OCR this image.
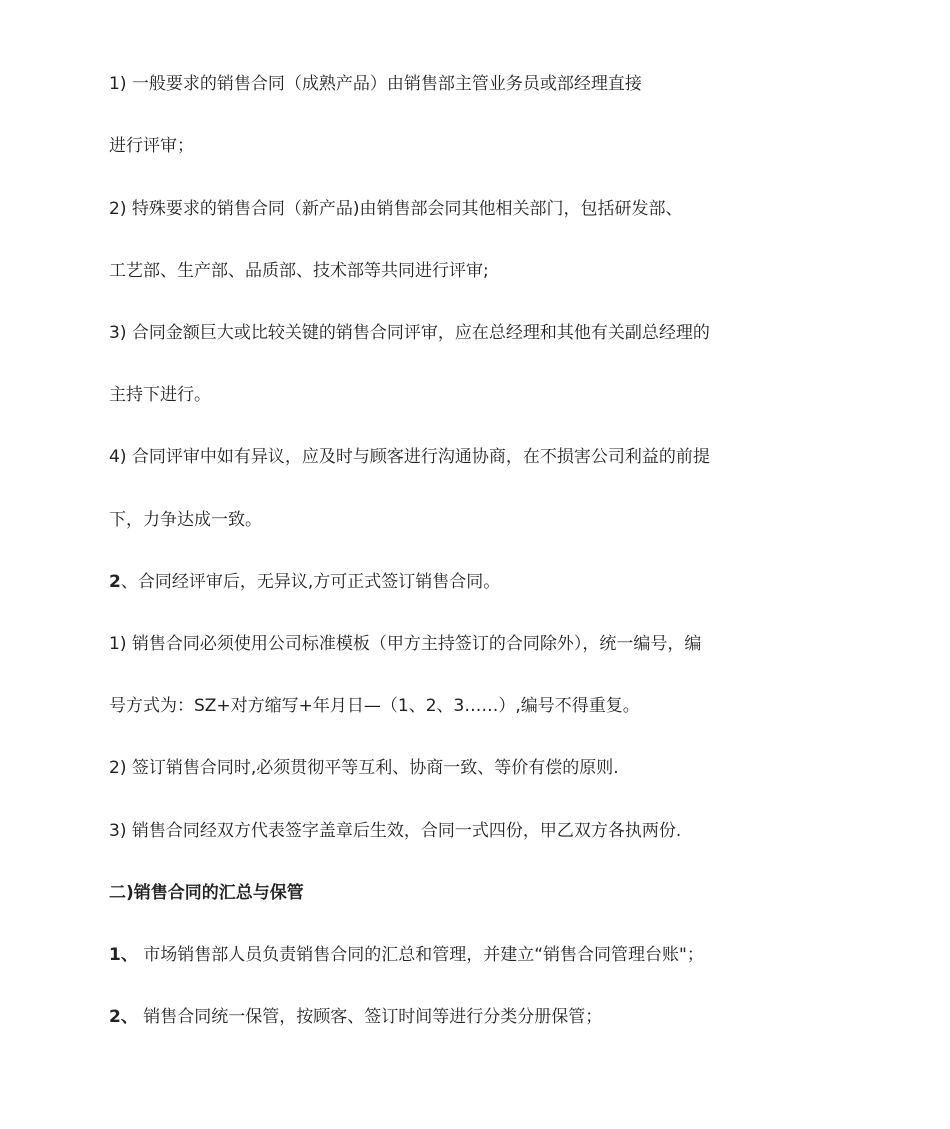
1) 一般要求的销售合同（成熟产品）由销售部主管业务员或部经理直接
进行评审；
2) 特殊要求的销售合同（新产品)由销售部会同其他相关部门，包括研发部、
工艺部、生产部、品质部、技术部等共同进行评审;
3) 合同金额巨大或比较关键的销售合同评审，应在总经理和其他有关副总经理的
主持下进行。
4) 合同评审中如有异议，应及时与顾客进行沟通协商，在不损害公司利益的前提
下，力争达成一致。
2、合同经评审后，无异议,方可正式签订销售合同。
1) 销售合同必须使用公司标准模板（甲方主持签订的合同除外），统一编号，编
号方式为：SZ+对方缩写+年月日—（1、2、3……）,编号不得重复。
2) 签订销售合同时,必须贯彻平等互利、协商一致、等价有偿的原则.
3) 销售合同经双方代表签字盖章后生效，合同一式四份，甲乙双方各执两份.
二)销售合同的汇总与保管
1、 市场销售部人员负责销售合同的汇总和管理，并建立“销售合同管理台账"；
2、 销售合同统一保管，按顾客、签订时间等进行分类分册保管；
